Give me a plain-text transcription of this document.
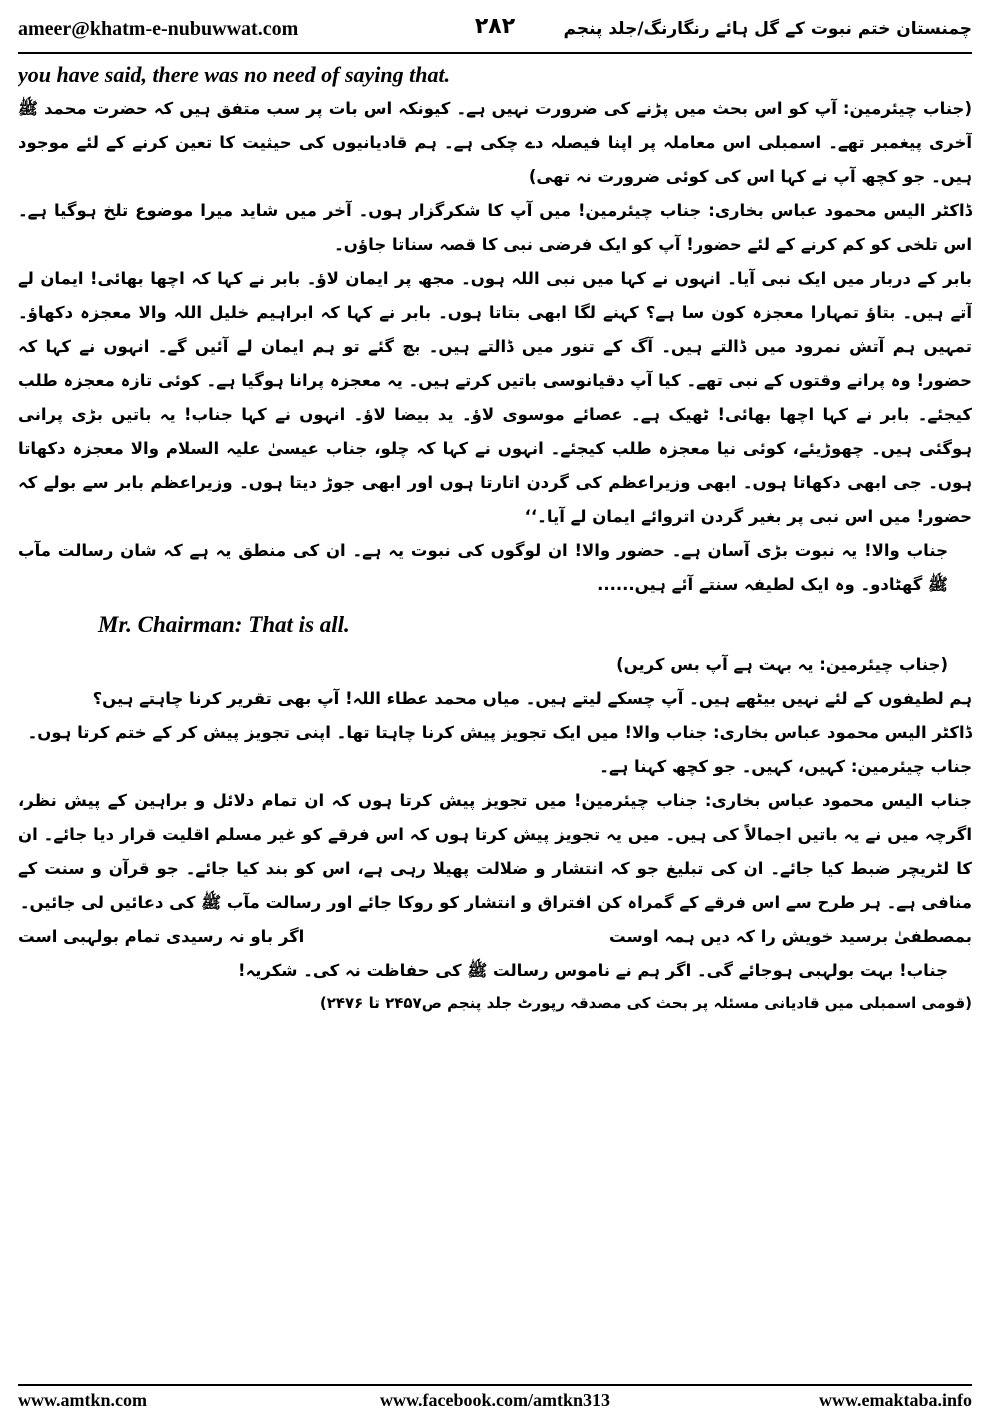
ameer@khatm-e-nubuwwat.com	۲۸۲	چمنستان ختم نبوت کے گل ہائے رنگارنگ/جلد پنجم

you have said, there was no need of saying that.

(جناب چیئرمین: آپ کو اس بحث میں پڑنے کی ضرورت نہیں ہے۔ کیونکہ اس بات پر سب متفق ہیں کہ حضرت محمد ﷺ آخری پیغمبر تھے۔ اسمبلی اس معاملہ پر اپنا فیصلہ دے چکی ہے۔ ہم قادیانیوں کی حیثیت کا تعین کرنے کے لئے موجود ہیں۔ جو کچھ آپ نے کہا اس کی کوئی ضرورت نہ تھی)

ڈاکٹر الیس محمود عباس بخاری: جناب چیئرمین! میں آپ کا شکرگزار ہوں۔ آخر میں شاید میرا موضوع تلخ ہوگیا ہے۔ اس تلخی کو کم کرنے کے لئے حضور! آپ کو ایک فرضی نبی کا قصہ سناتا جاؤں۔

بابر کے دربار میں ایک نبی آیا۔ انہوں نے کہا میں نبی اللہ ہوں۔ مجھ پر ایمان لاؤ۔ بابر نے کہا کہ اچھا بھائی! ایمان لے آتے ہیں۔ بتاؤ تمہارا معجزہ کون سا ہے؟ کہنے لگا ابھی بتاتا ہوں۔ بابر نے کہا کہ ابراہیم خلیل اللہ والا معجزہ دکھاؤ۔ تمہیں ہم آتش نمرود میں ڈالتے ہیں۔ آگ کے تنور میں ڈالتے ہیں۔ بچ گئے تو ہم ایمان لے آئیں گے۔ انہوں نے کہا کہ حضور! وہ پرانے وقتوں کے نبی تھے۔ کیا آپ دقیانوسی باتیں کرتے ہیں۔ یہ معجزہ پرانا ہوگیا ہے۔ کوئی تازہ معجزہ طلب کیجئے۔ بابر نے کہا اچھا بھائی! ٹھیک ہے۔ عصائے موسوی لاؤ۔ ید بیضا لاؤ۔ انہوں نے کہا جناب! یہ باتیں بڑی پرانی ہوگئی ہیں۔ چھوڑیئے، کوئی نیا معجزہ طلب کیجئے۔ انہوں نے کہا کہ چلو، جناب عیسیٰ علیہ السلام والا معجزہ دکھاتا ہوں۔ جی ابھی دکھاتا ہوں۔ ابھی وزیراعظم کی گردن اتارتا ہوں اور ابھی جوڑ دیتا ہوں۔ وزیراعظم بابر سے بولے کہ حضور! میں اس نبی پر بغیر گردن اتروائے ایمان لے آیا۔‘‘

جناب والا! یہ نبوت بڑی آسان ہے۔ حضور والا! ان لوگوں کی نبوت یہ ہے۔ ان کی منطق یہ ہے کہ شان رسالت مآب ﷺ گھٹادو۔ وہ ایک لطیفہ سنتے آئے ہیں......

Mr. Chairman: That is all.

(جناب چیئرمین: یہ بہت ہے آپ بس کریں)

ہم لطیفوں کے لئے نہیں بیٹھے ہیں۔ آپ چسکے لیتے ہیں۔ میاں محمد عطاء اللہ! آپ بھی تقریر کرنا چاہتے ہیں؟

ڈاکٹر الیس محمود عباس بخاری: جناب والا! میں ایک تجویز پیش کرنا چاہتا تھا۔ اپنی تجویز پیش کر کے ختم کرتا ہوں۔

جناب چیئرمین: کہیں، کہیں۔ جو کچھ کہنا ہے۔

جناب الیس محمود عباس بخاری: جناب چیئرمین! میں تجویز پیش کرتا ہوں کہ ان تمام دلائل و براہین کے پیش نظر، اگرچہ میں نے یہ باتیں اجمالاً کی ہیں۔ میں یہ تجویز پیش کرتا ہوں کہ اس فرقے کو غیر مسلم اقلیت قرار دیا جائے۔ ان کا لٹریچر ضبط کیا جائے۔ ان کی تبلیغ جو کہ انتشار و ضلالت پھیلا رہی ہے، اس کو بند کیا جائے۔ جو قرآن و سنت کے منافی ہے۔ ہر طرح سے اس فرقے کے گمراہ کن افتراق و انتشار کو روکا جائے اور رسالت مآب ﷺ کی دعائیں لی جائیں۔

بمصطفیٰ برسید خویش را کہ دیں ہمہ اوست
اگر باو نہ رسیدی تمام بولہبی است

جناب! بہت بولہبی ہوجائے گی۔ اگر ہم نے ناموس رسالت ﷺ کی حفاظت نہ کی۔ شکریہ!

(قومی اسمبلی میں قادیانی مسئلہ پر بحث کی مصدقہ رپورٹ جلد پنجم ص۲۴۵۷ تا ۲۴۷۶)

www.amtkn.com	www.facebook.com/amtkn313	www.emaktaba.info
